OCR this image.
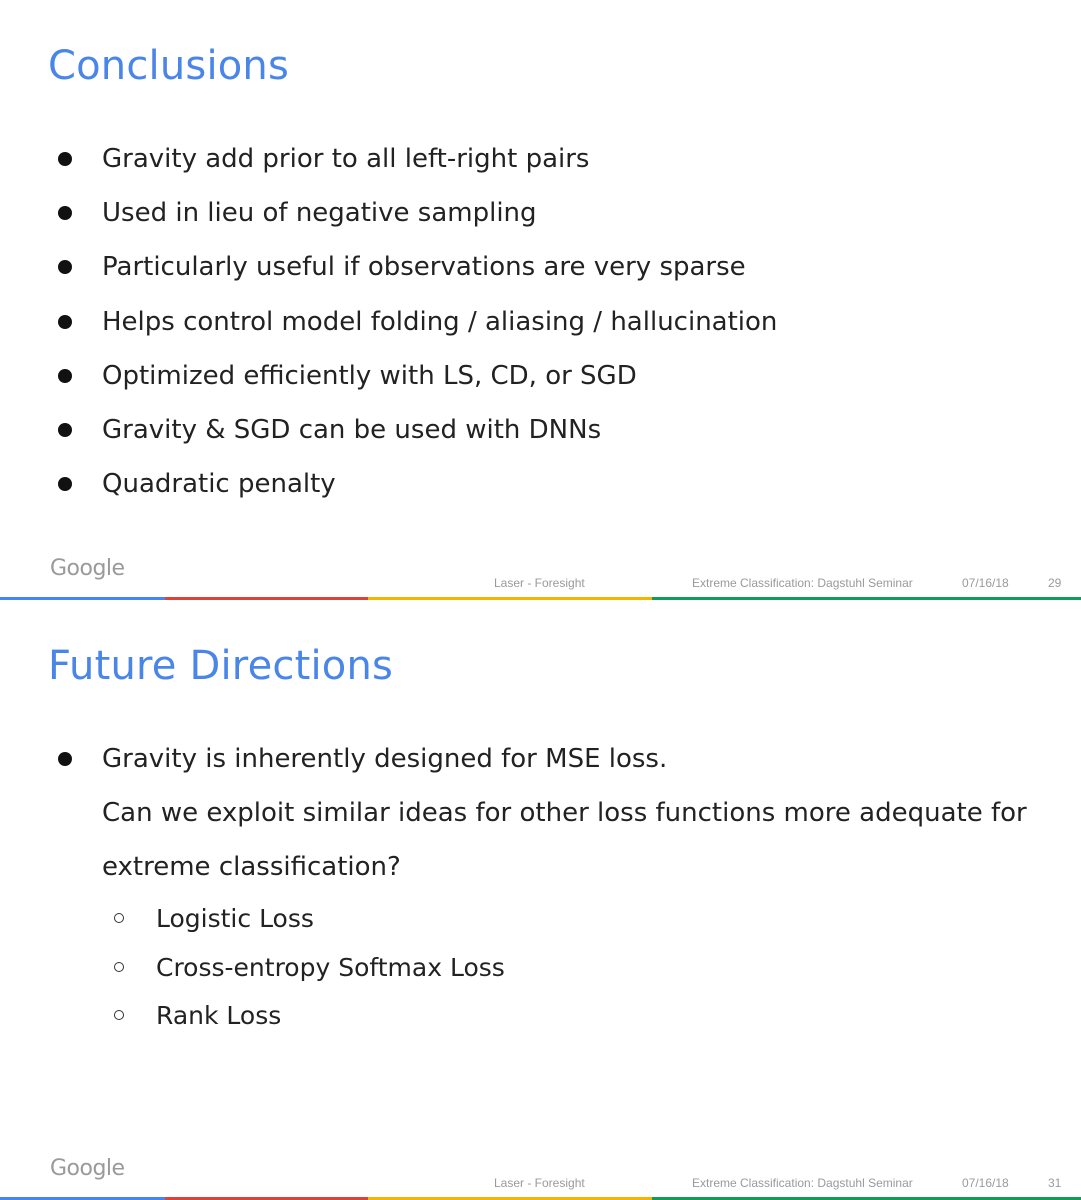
Conclusions
Gravity add prior to all left-right pairs
Used in lieu of negative sampling
Particularly useful if observations are very sparse
Helps control model folding / aliasing / hallucination
Optimized efficiently with LS, CD, or SGD
Gravity & SGD can be used with DNNs
Quadratic penalty
Google
Laser - Foresight	Extreme Classification: Dagstuhl Seminar	07/16/18	29
Future Directions
Gravity is inherently designed for MSE loss.
Can we exploit similar ideas for other loss functions more adequate for
extreme classification?
Logistic Loss
Cross-entropy Softmax Loss
Rank Loss
Google
Laser - Foresight	Extreme Classification: Dagstuhl Seminar	07/16/18	31
